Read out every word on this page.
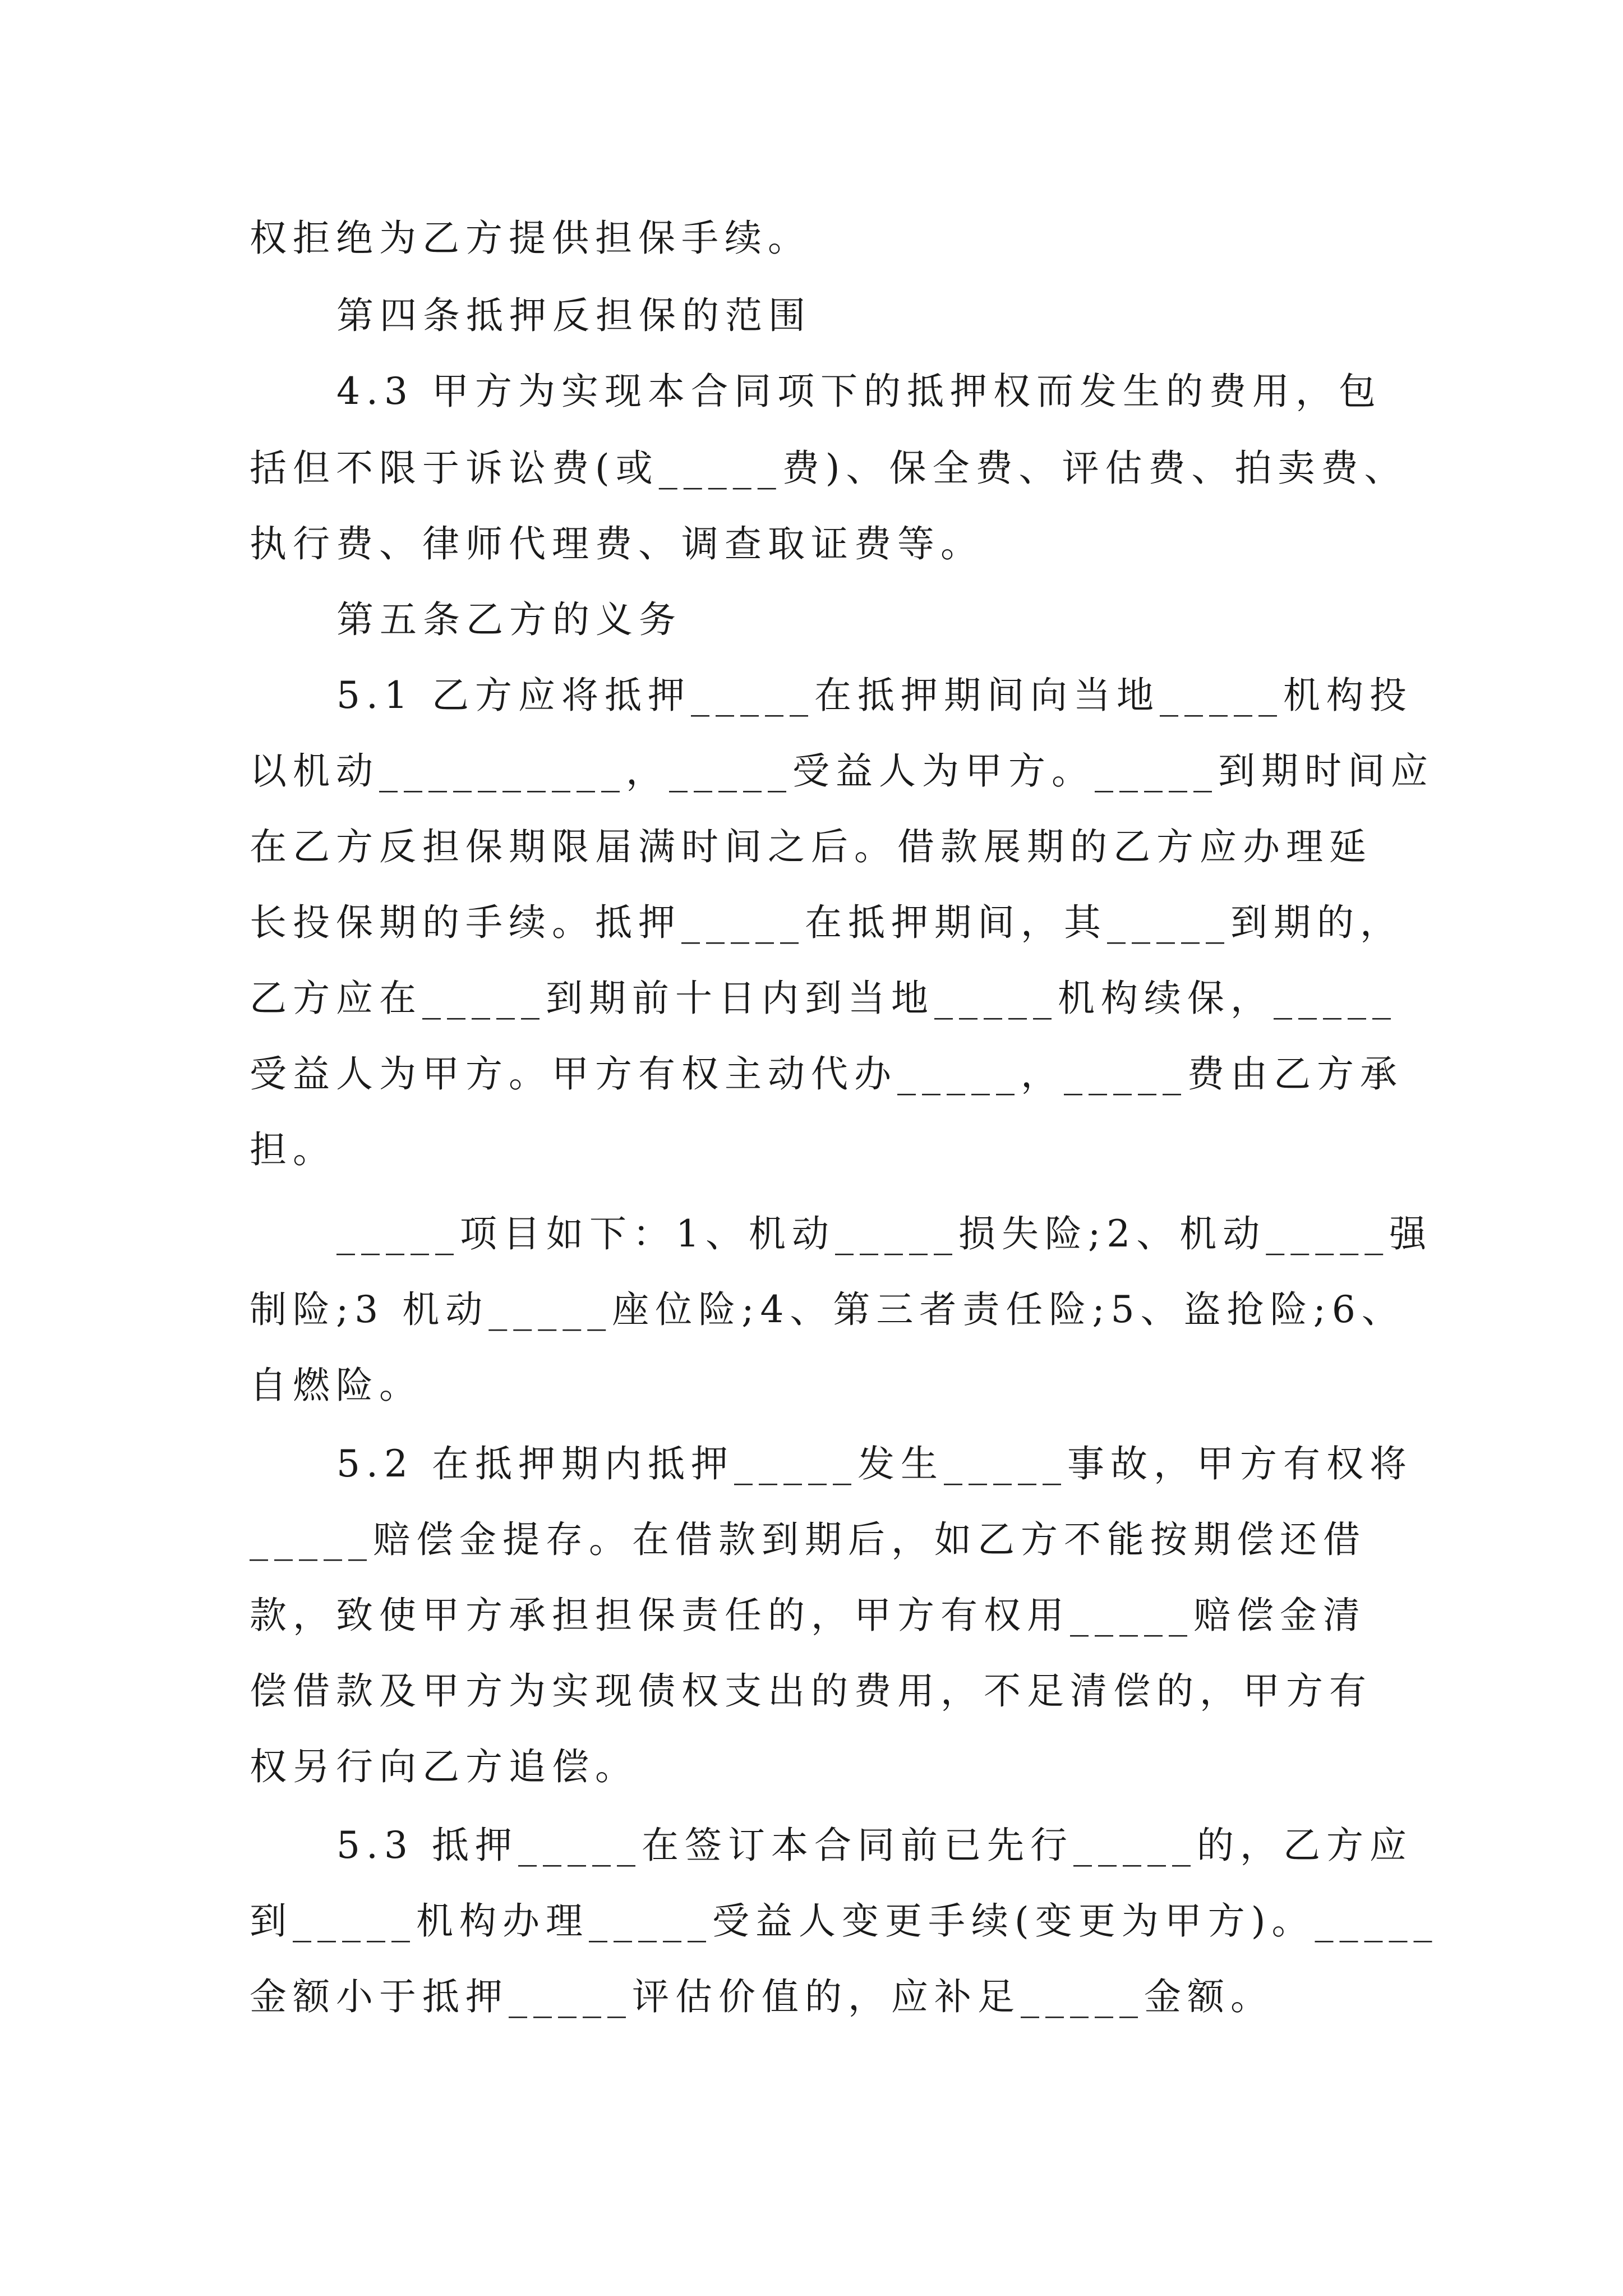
权拒绝为乙方提供担保手续。
第四条抵押反担保的范围
4.3 甲方为实现本合同项下的抵押权而发生的费用，包
括但不限于诉讼费(或_____费)、保全费、评估费、拍卖费、
执行费、律师代理费、调查取证费等。
第五条乙方的义务
5.1 乙方应将抵押_____在抵押期间向当地_____机构投
以机动__________，_____受益人为甲方。_____到期时间应
在乙方反担保期限届满时间之后。借款展期的乙方应办理延
长投保期的手续。抵押_____在抵押期间，其_____到期的，
乙方应在_____到期前十日内到当地_____机构续保，_____
受益人为甲方。甲方有权主动代办_____，_____费由乙方承
担。
_____项目如下：1、机动_____损失险;2、机动_____强
制险;3 机动_____座位险;4、第三者责任险;5、盗抢险;6、
自燃险。
5.2 在抵押期内抵押_____发生_____事故，甲方有权将
_____赔偿金提存。在借款到期后，如乙方不能按期偿还借
款，致使甲方承担担保责任的，甲方有权用_____赔偿金清
偿借款及甲方为实现债权支出的费用，不足清偿的，甲方有
权另行向乙方追偿。
5.3 抵押_____在签订本合同前已先行_____的，乙方应
到_____机构办理_____受益人变更手续(变更为甲方)。_____
金额小于抵押_____评估价值的，应补足_____金额。
